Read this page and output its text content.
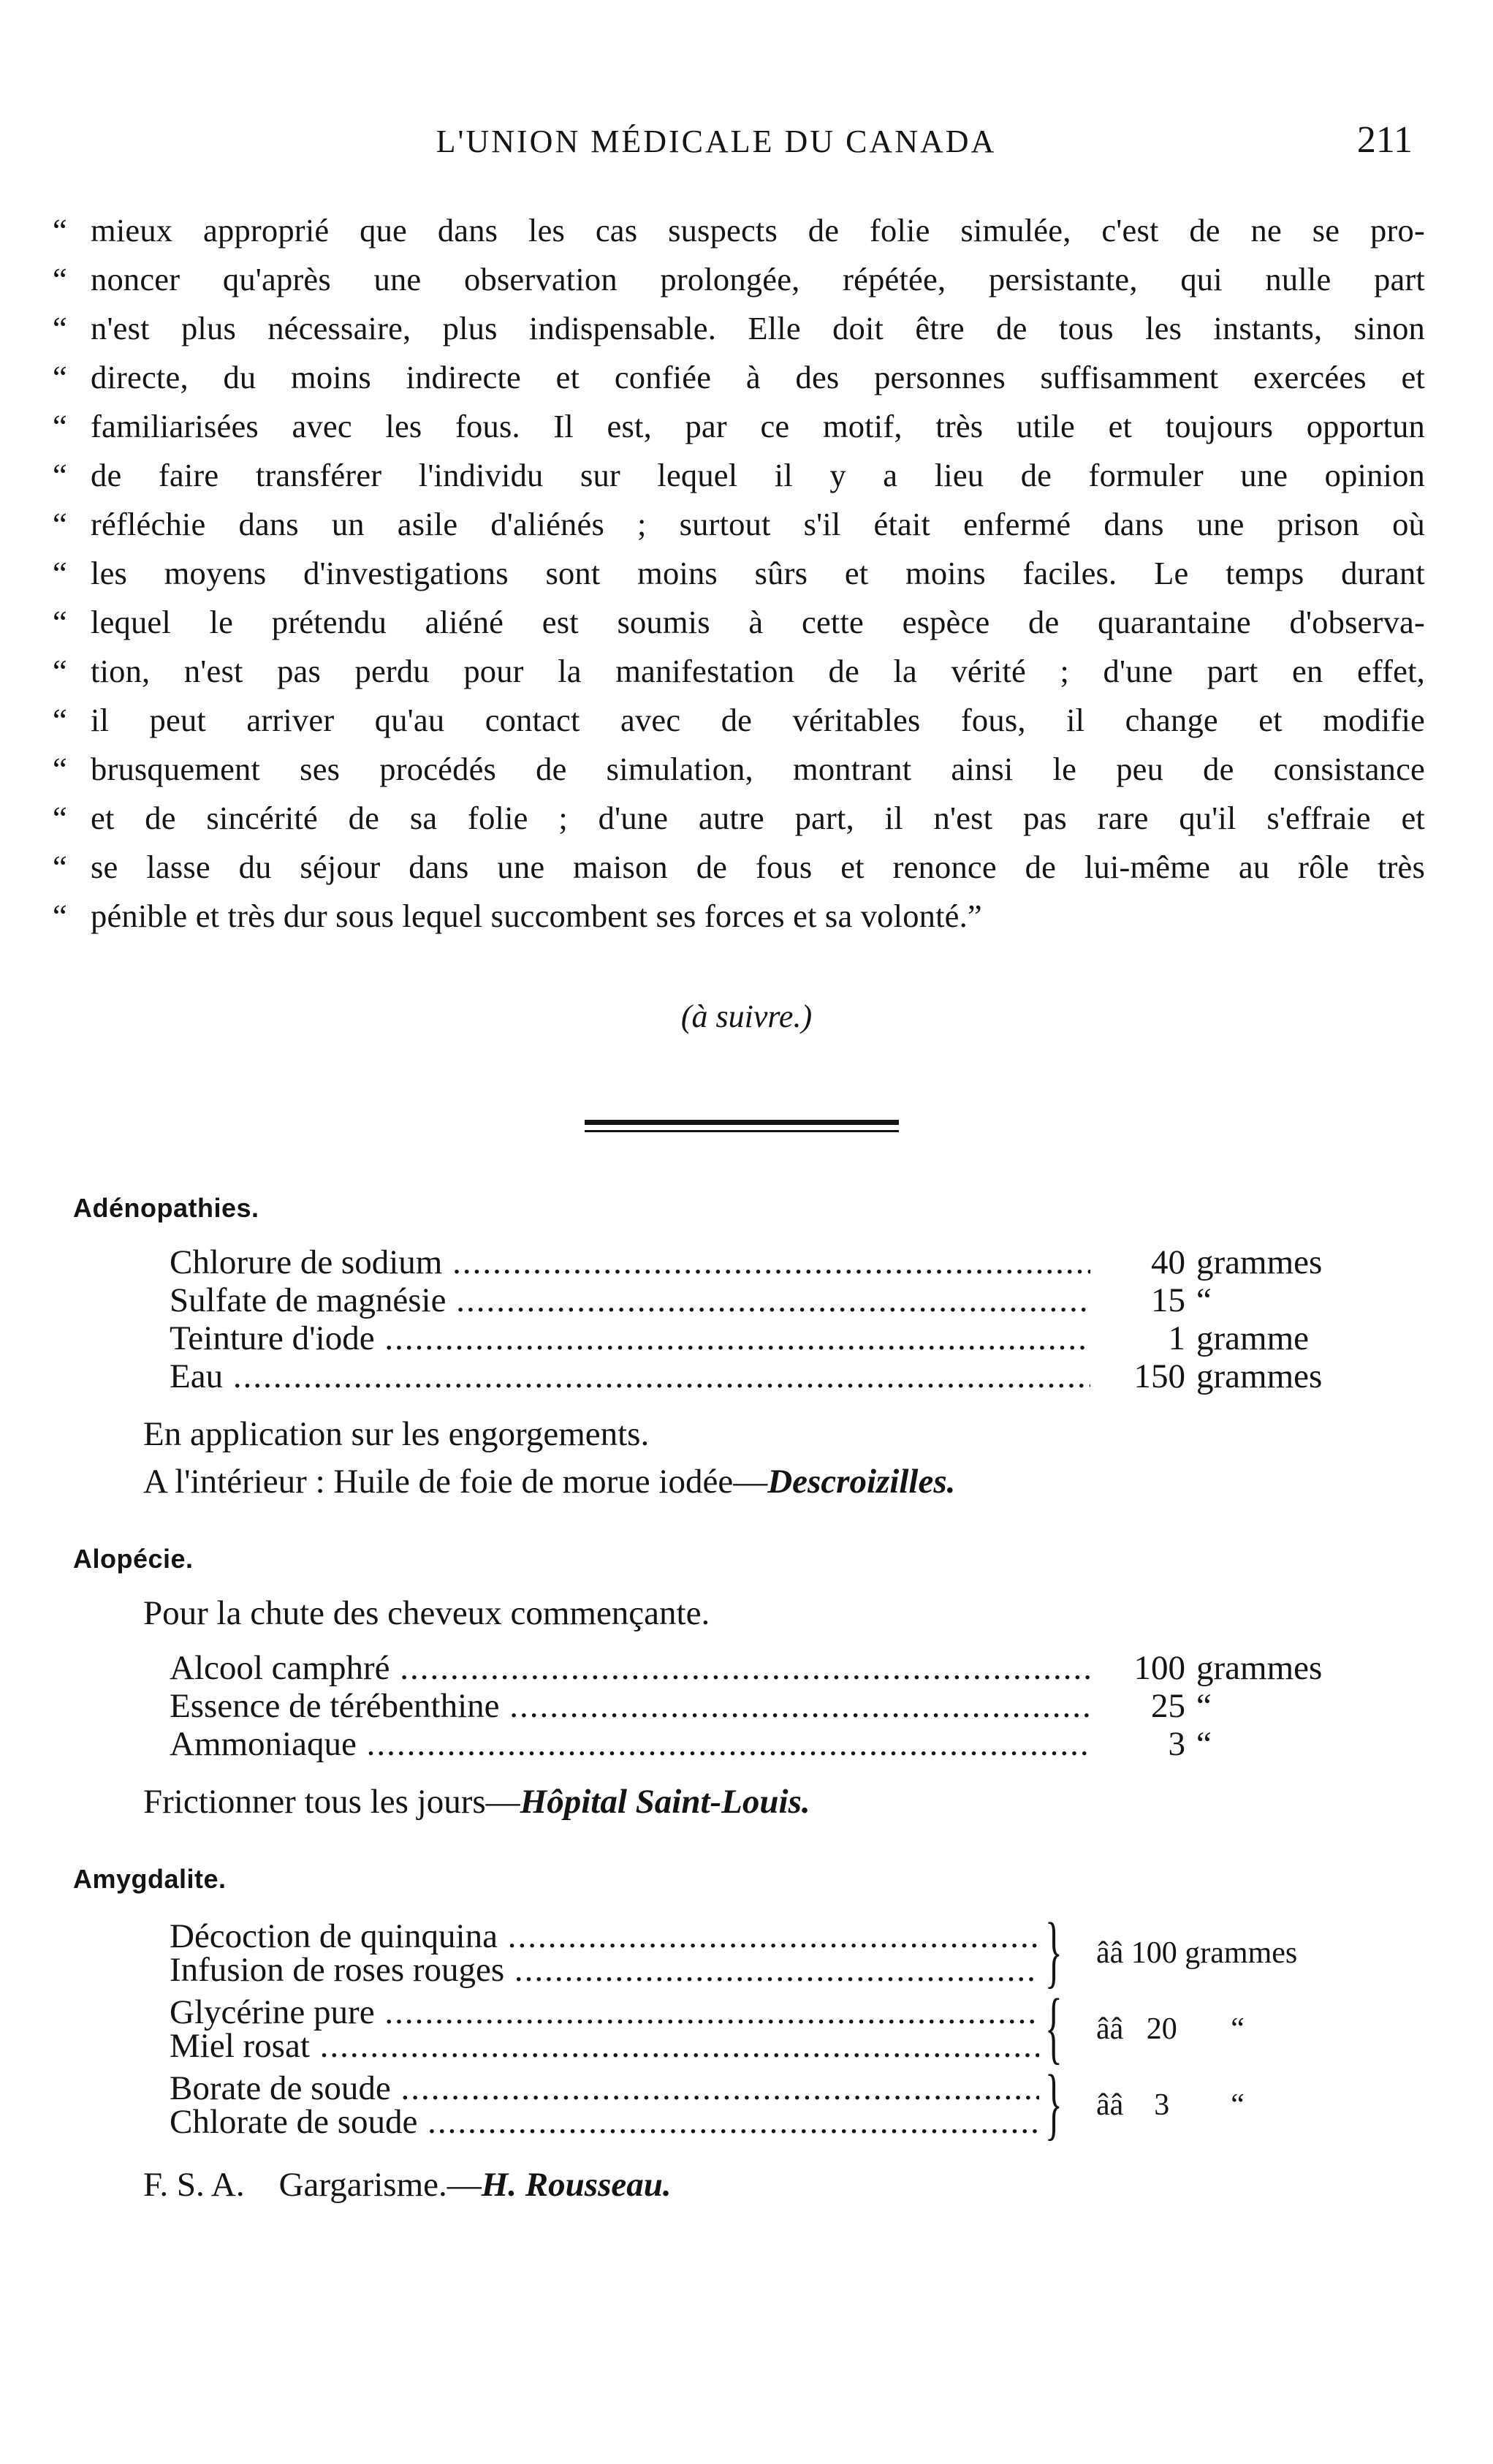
L'UNION MÉDICALE DU CANADA	211
“ mieux approprié que dans les cas suspects de folie simulée, c'est de ne se pro-
“ noncer qu'après une observation prolongée, répétée, persistante, qui nulle part
“ n'est plus nécessaire, plus indispensable. Elle doit être de tous les instants, sinon
“ directe, du moins indirecte et confiée à des personnes suffisamment exercées et
“ familiarisées avec les fous. Il est, par ce motif, très utile et toujours opportun
“ de faire transférer l'individu sur lequel il y a lieu de formuler une opinion
“ réfléchie dans un asile d'aliénés ; surtout s'il était enfermé dans une prison où
“ les moyens d'investigations sont moins sûrs et moins faciles. Le temps durant
“ lequel le prétendu aliéné est soumis à cette espèce de quarantaine d'observa-
“ tion, n'est pas perdu pour la manifestation de la vérité ; d'une part en effet,
“ il peut arriver qu'au contact avec de véritables fous, il change et modifie
“ brusquement ses procédés de simulation, montrant ainsi le peu de consistance
“ et de sincérité de sa folie ; d'une autre part, il n'est pas rare qu'il s'effraie et
“ se lasse du séjour dans une maison de fous et renonce de lui-même au rôle très
“ pénible et très dur sous lequel succombent ses forces et sa volonté.”
(à suivre.)
Adénopathies.
Chlorure de sodium .....	40 grammes
Sulfate de magnésie .....	15 “
Teinture d'iode .....	1 gramme
Eau .....	150 grammes
En application sur les engorgements.
A l'intérieur : Huile de foie de morue iodée—Descroizilles.
Alopécie.
Pour la chute des cheveux commençante.
Alcool camphré .....	100 grammes
Essence de térébenthine .....	25 “
Ammoniaque .....	3 “
Frictionner tous les jours—Hôpital Saint-Louis.
Amygdalite.
Décoction de quinquina .....
Infusion de roses rouges .....	} ââ 100 grammes
Glycérine pure .....
Miel rosat .....	{ ââ 20 “
Borate de soude .....
Chlorate de soude .....	} ââ 3 “
F. S. A.    Gargarisme.—H. Rousseau.
